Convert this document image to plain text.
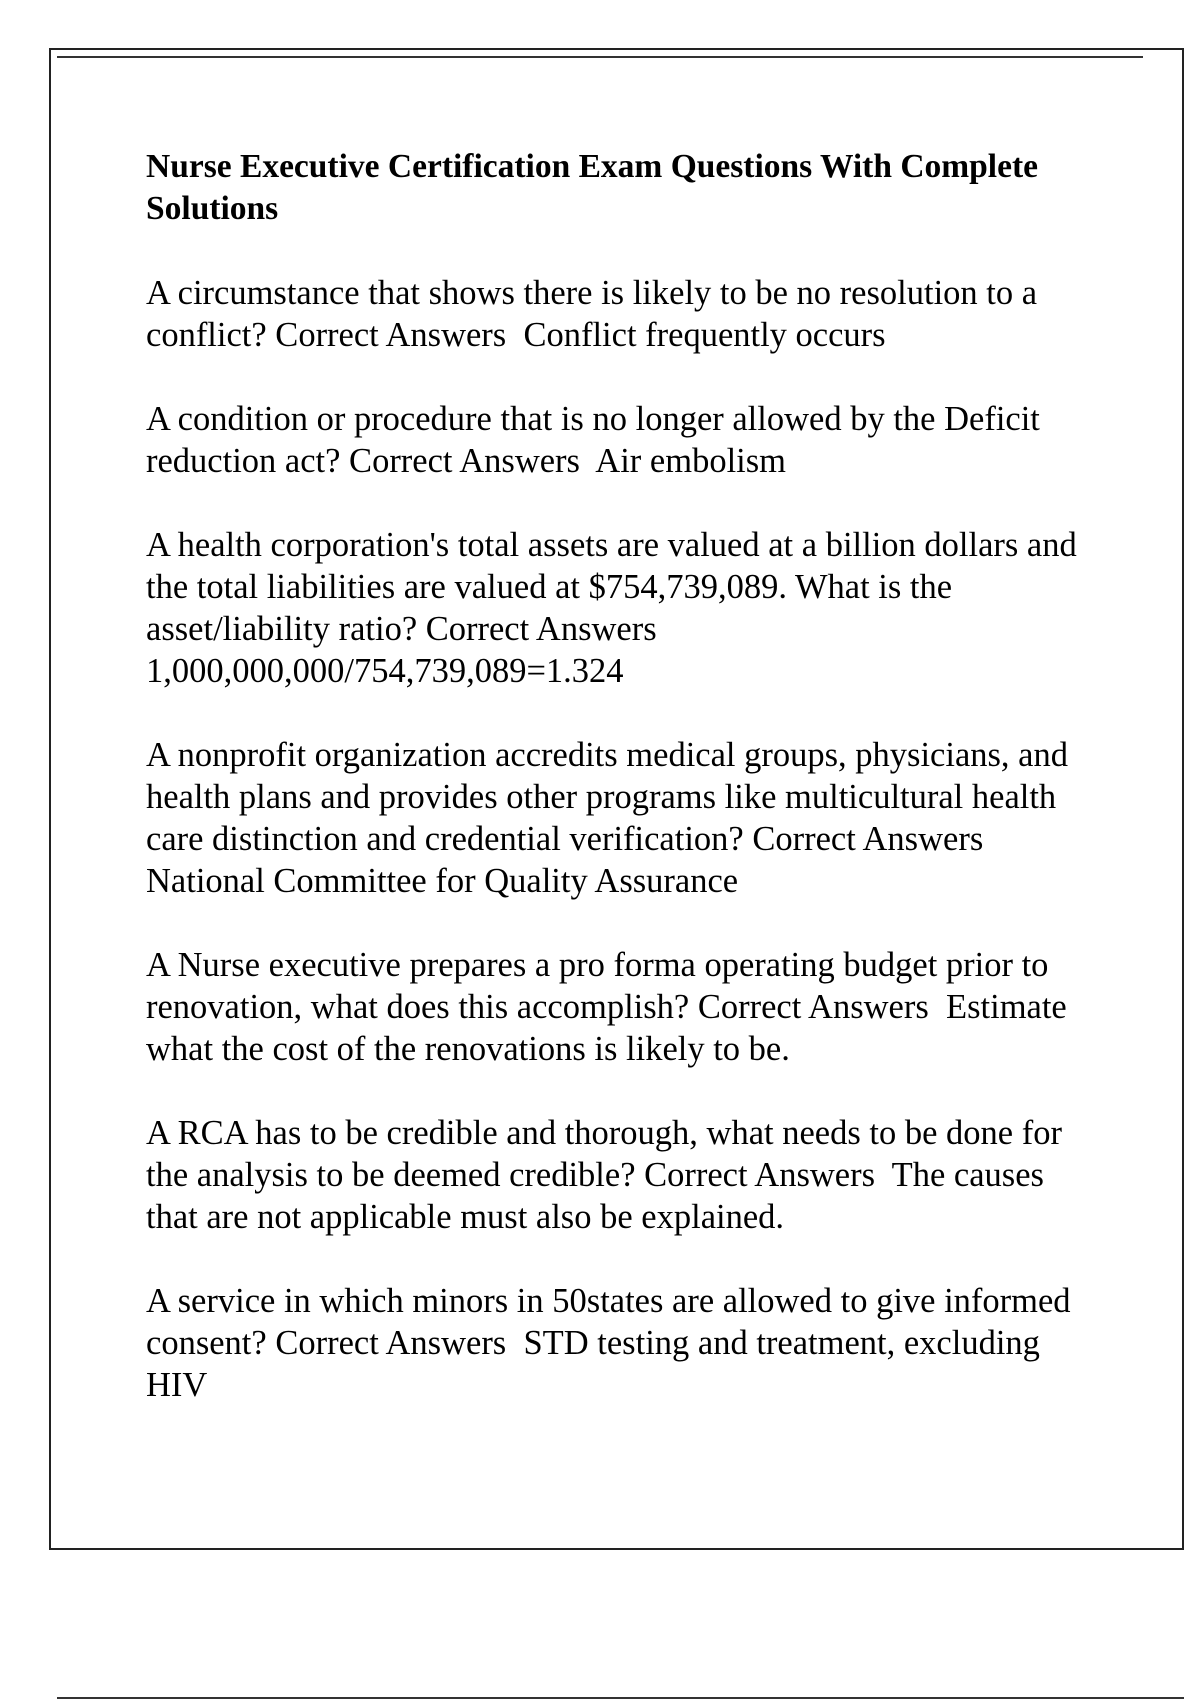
Nurse Executive Certification Exam Questions With Complete Solutions
A circumstance that shows there is likely to be no resolution to a conflict? Correct Answers  Conflict frequently occurs
A condition or procedure that is no longer allowed by the Deficit reduction act? Correct Answers  Air embolism
A health corporation's total assets are valued at a billion dollars and the total liabilities are valued at $754,739,089. What is the asset/liability ratio? Correct Answers  1,000,000,000/754,739,089=1.324
A nonprofit organization accredits medical groups, physicians, and health plans and provides other programs like multicultural health care distinction and credential verification? Correct Answers  National Committee for Quality Assurance
A Nurse executive prepares a pro forma operating budget prior to renovation, what does this accomplish? Correct Answers  Estimate what the cost of the renovations is likely to be.
A RCA has to be credible and thorough, what needs to be done for the analysis to be deemed credible? Correct Answers  The causes that are not applicable must also be explained.
A service in which minors in 50states are allowed to give informed consent? Correct Answers  STD testing and treatment, excluding HIV
